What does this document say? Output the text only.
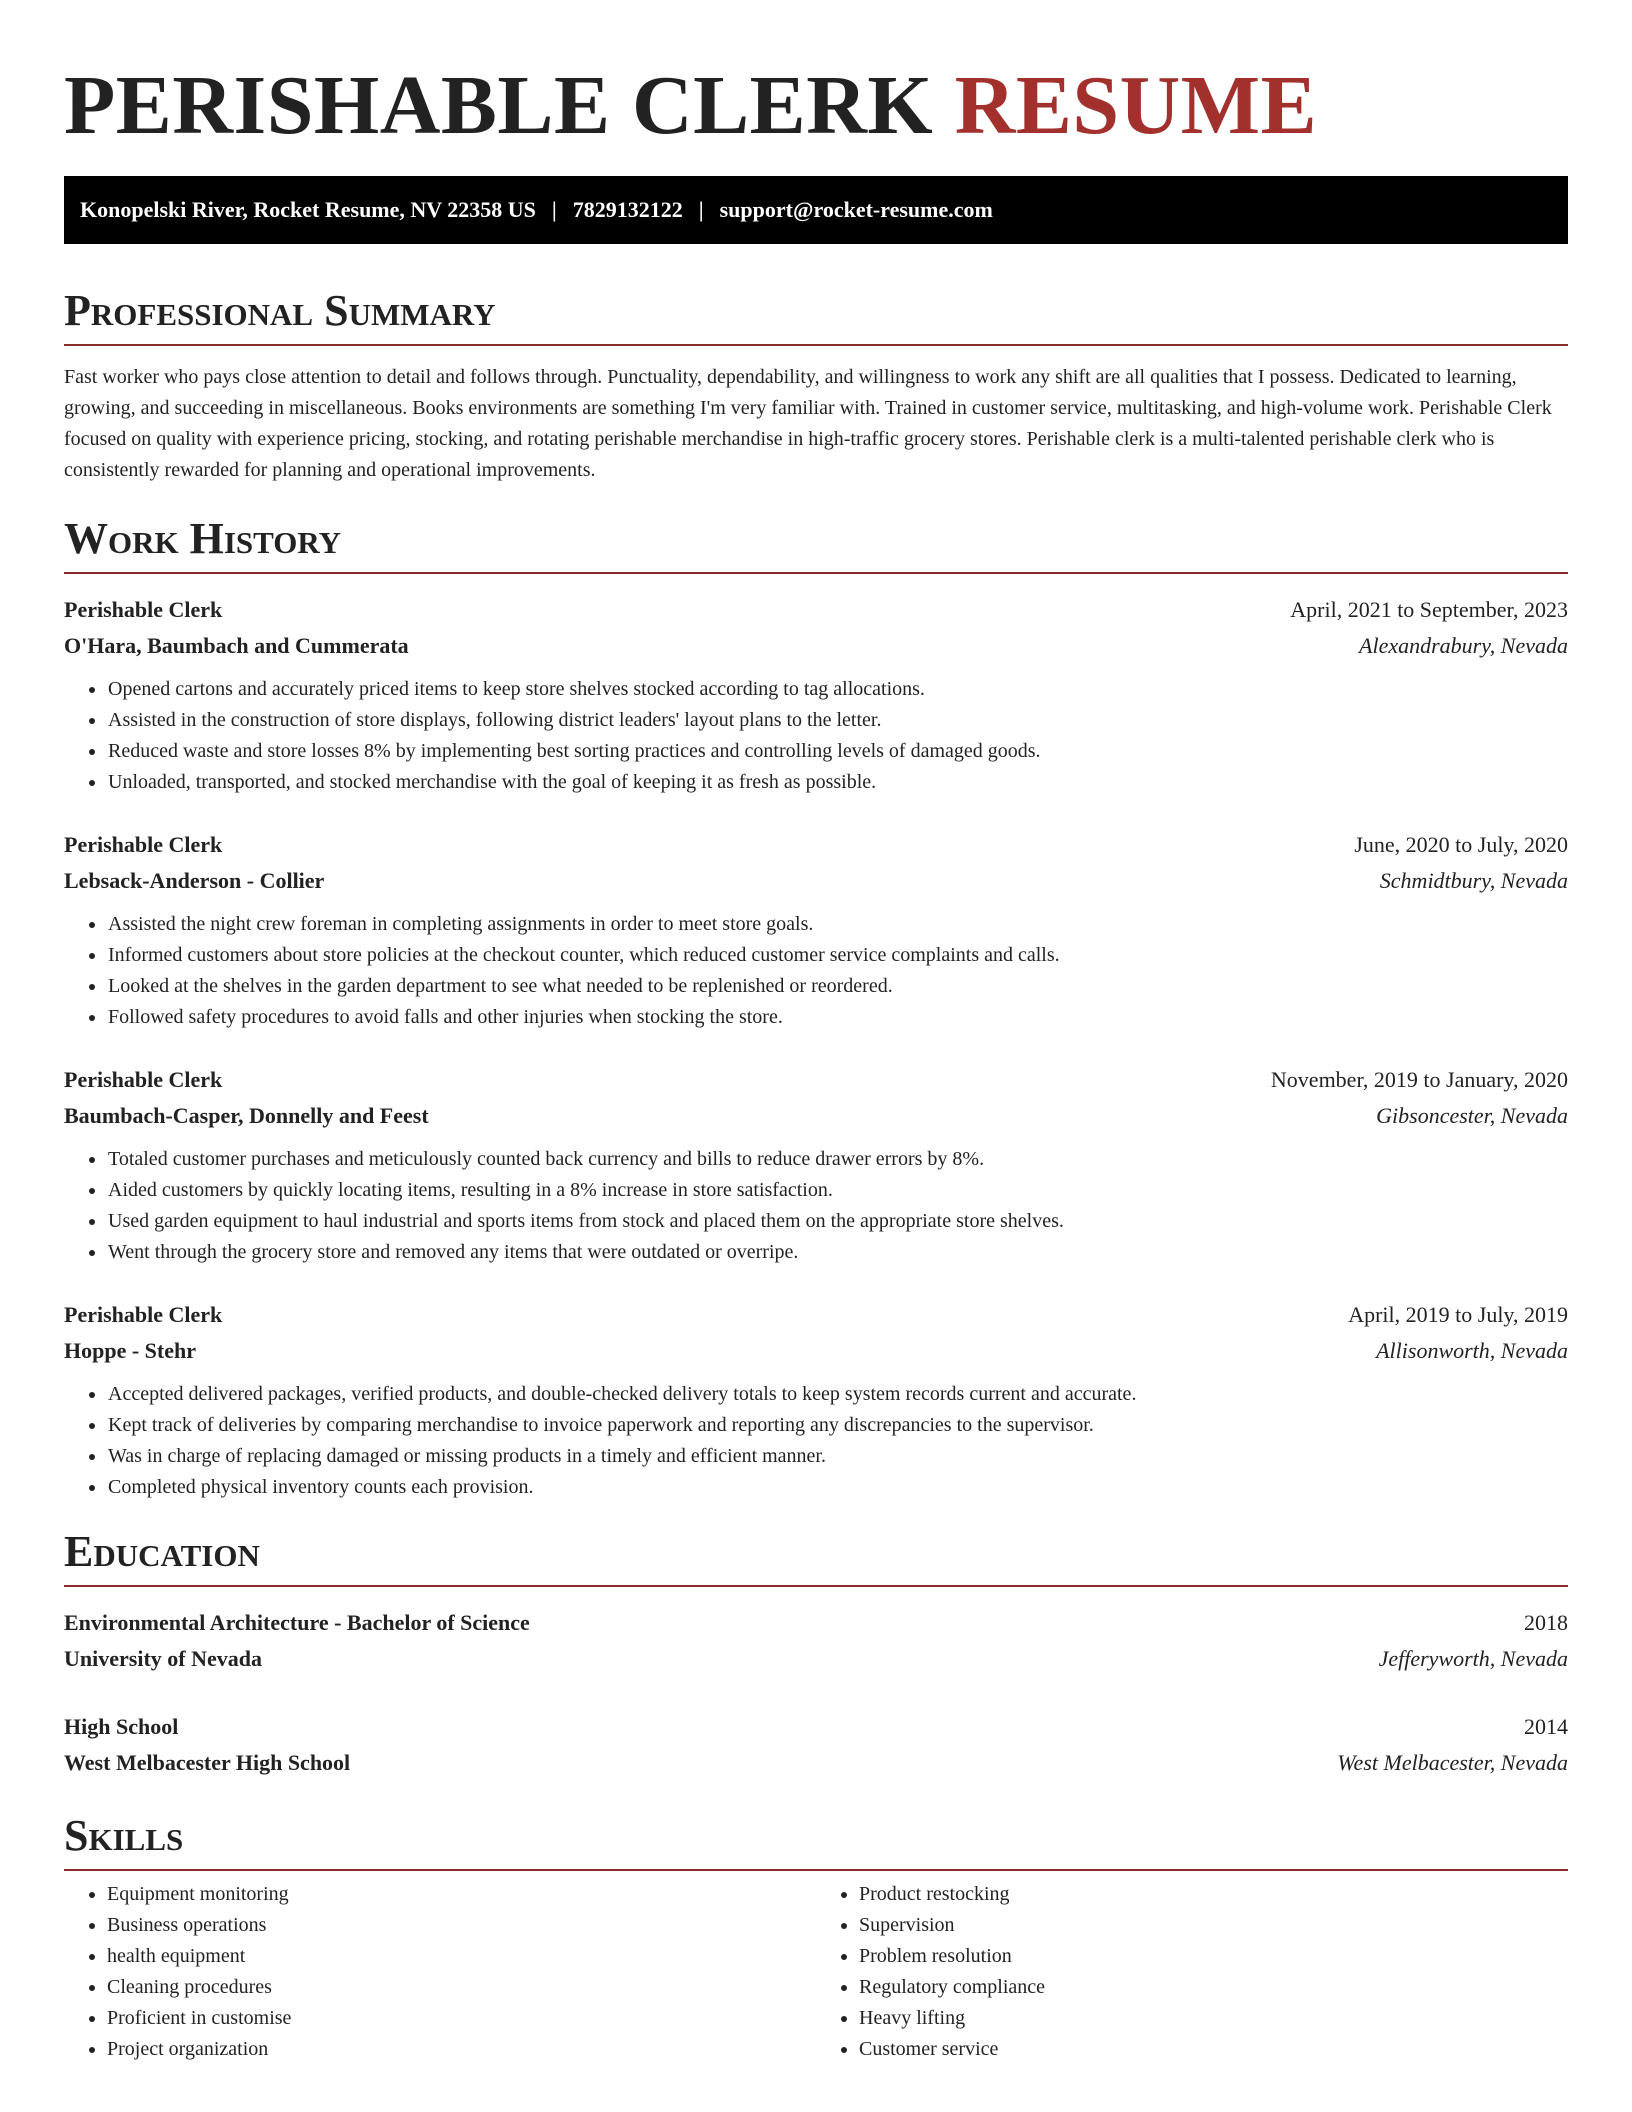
PERISHABLE CLERK RESUME
Konopelski River, Rocket Resume, NV 22358 US | 7829132122 | support@rocket-resume.com
Professional Summary

Fast worker who pays close attention to detail and follows through. Punctuality, dependability, and willingness to work any shift are all qualities that I possess. Dedicated to learning, growing, and succeeding in miscellaneous. Books environments are something I'm very familiar with. Trained in customer service, multitasking, and high-volume work. Perishable Clerk focused on quality with experience pricing, stocking, and rotating perishable merchandise in high-traffic grocery stores. Perishable clerk is a multi-talented perishable clerk who is consistently rewarded for planning and operational improvements.

Work History
Perishable Clerk	April, 2021 to September, 2023
O'Hara, Baumbach and Cummerata	Alexandrabury, Nevada
• Opened cartons and accurately priced items to keep store shelves stocked according to tag allocations.
• Assisted in the construction of store displays, following district leaders' layout plans to the letter.
• Reduced waste and store losses 8% by implementing best sorting practices and controlling levels of damaged goods.
• Unloaded, transported, and stocked merchandise with the goal of keeping it as fresh as possible.
Perishable Clerk	June, 2020 to July, 2020
Lebsack-Anderson - Collier	Schmidtbury, Nevada
• Assisted the night crew foreman in completing assignments in order to meet store goals.
• Informed customers about store policies at the checkout counter, which reduced customer service complaints and calls.
• Looked at the shelves in the garden department to see what needed to be replenished or reordered.
• Followed safety procedures to avoid falls and other injuries when stocking the store.
Perishable Clerk	November, 2019 to January, 2020
Baumbach-Casper, Donnelly and Feest	Gibsoncester, Nevada
• Totaled customer purchases and meticulously counted back currency and bills to reduce drawer errors by 8%.
• Aided customers by quickly locating items, resulting in a 8% increase in store satisfaction.
• Used garden equipment to haul industrial and sports items from stock and placed them on the appropriate store shelves.
• Went through the grocery store and removed any items that were outdated or overripe.
Perishable Clerk	April, 2019 to July, 2019
Hoppe - Stehr	Allisonworth, Nevada
• Accepted delivered packages, verified products, and double-checked delivery totals to keep system records current and accurate.
• Kept track of deliveries by comparing merchandise to invoice paperwork and reporting any discrepancies to the supervisor.
• Was in charge of replacing damaged or missing products in a timely and efficient manner.
• Completed physical inventory counts each provision.
Education
Environmental Architecture - Bachelor of Science	2018
University of Nevada	Jefferyworth, Nevada
High School	2014
West Melbacester High School	West Melbacester, Nevada
Skills
• Equipment monitoring
• Business operations
• health equipment
• Cleaning procedures
• Proficient in customise
• Project organization
• Product restocking
• Supervision
• Problem resolution
• Regulatory compliance
• Heavy lifting
• Customer service
